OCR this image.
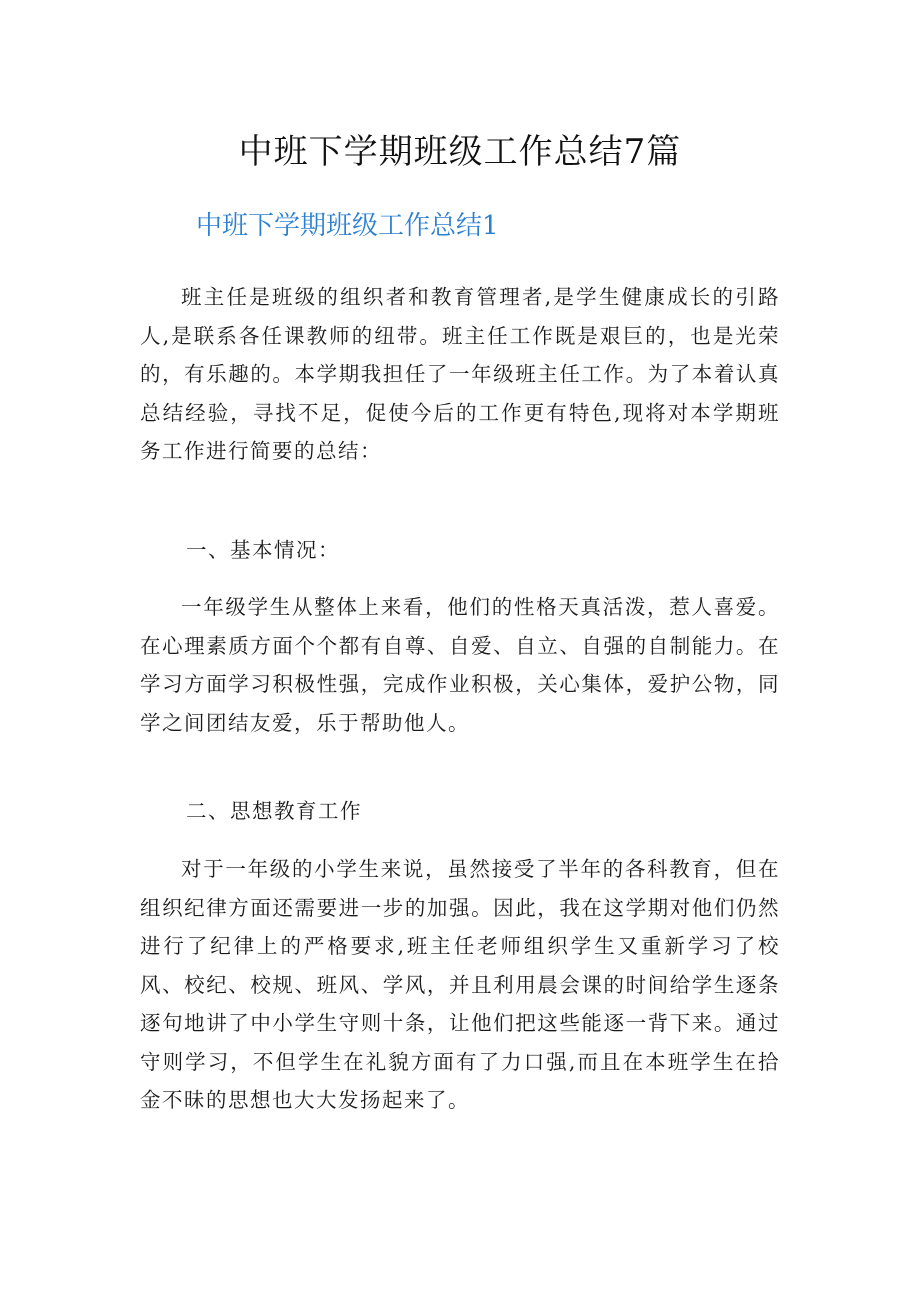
中班下学期班级工作总结7篇
中班下学期班级工作总结1

班主任是班级的组织者和教育管理者,是学生健康成长的引路人,是联系各任课教师的纽带。班主任工作既是艰巨的，也是光荣的，有乐趣的。本学期我担任了一年级班主任工作。为了本着认真总结经验，寻找不足，促使今后的工作更有特色,现将对本学期班务工作进行简要的总结：

一、基本情况：

一年级学生从整体上来看，他们的性格天真活泼，惹人喜爱。在心理素质方面个个都有自尊、自爱、自立、自强的自制能力。在学习方面学习积极性强，完成作业积极，关心集体，爱护公物，同学之间团结友爱，乐于帮助他人。

二、思想教育工作

对于一年级的小学生来说，虽然接受了半年的各科教育，但在组织纪律方面还需要进一步的加强。因此，我在这学期对他们仍然进行了纪律上的严格要求,班主任老师组织学生又重新学习了校风、校纪、校规、班风、学风，并且利用晨会课的时间给学生逐条逐句地讲了中小学生守则十条，让他们把这些能逐一背下来。通过守则学习，不但学生在礼貌方面有了力口强,而且在本班学生在拾金不昧的思想也大大发扬起来了。
